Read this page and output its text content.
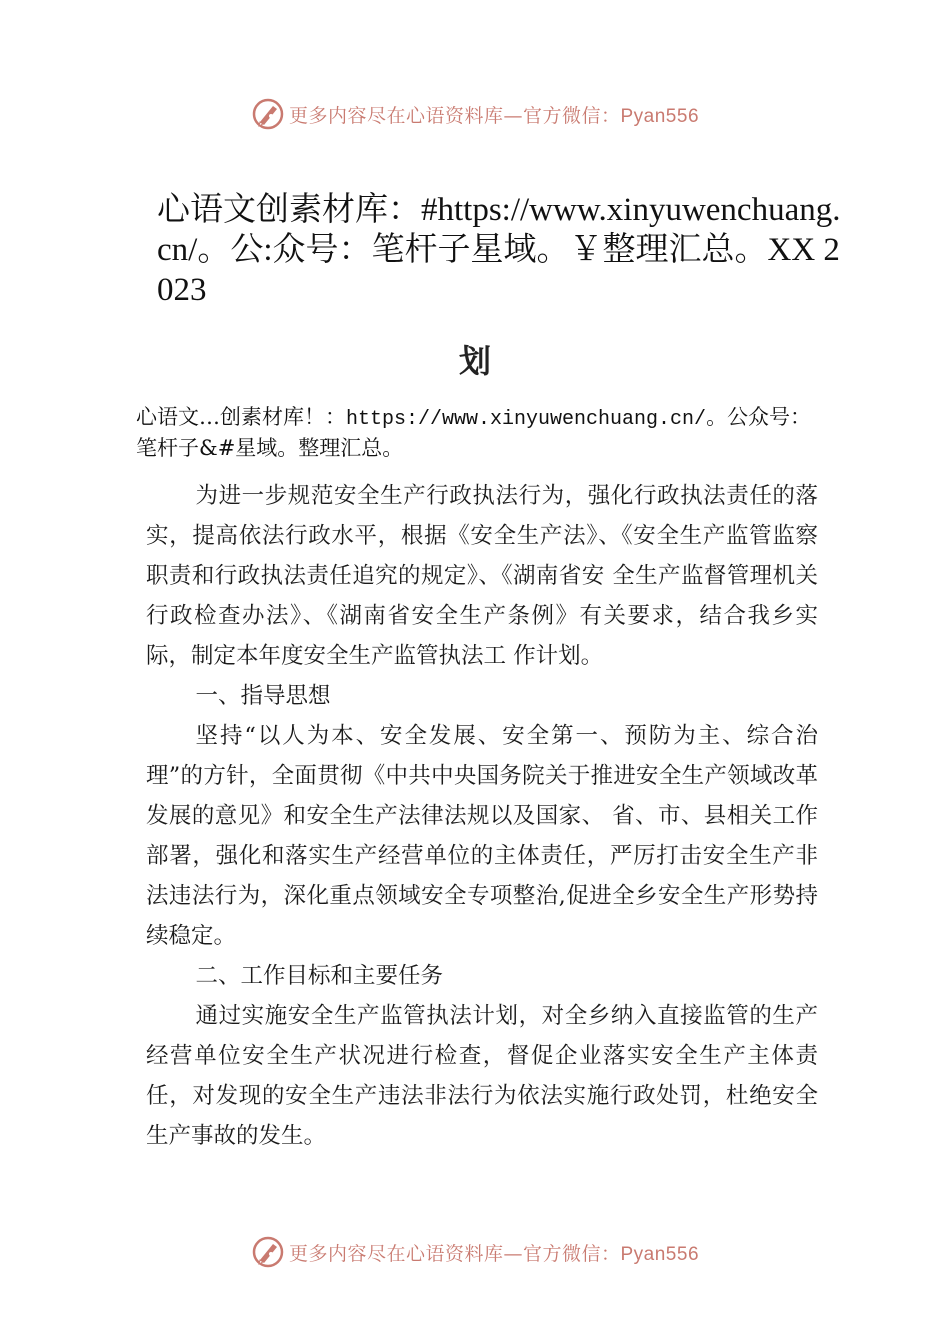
更多内容尽在心语资料库—官方微信：Pyan556
心语文创素材库：#https://www.xinyuwenchuang.cn/。公:众号：笔杆子星域。￥整理汇总。XX 2023
划
心语文…创素材库！：https://www.xinyuwenchuang.cn/。公众号：笔杆子&#星域。整理汇总。

为进一步规范安全生产行政执法行为，强化行政执法责任的落实，提高依法行政水平，根据《安全生产法》、《安全生产监管监察职责和行政执法责任追究的规定》、《湖南省安 全生产监督管理机关行政检查办法》、《湖南省安全生产条例》有关要求，结合我乡实际，制定本年度安全生产监管执法工 作计划。

一、指导思想

坚持“以人为本、安全发展、安全第一、预防为主、综合治理”的方针，全面贯彻《中共中央国务院关于推进安全生产领域改革发展的意见》和安全生产法律法规以及国家、 省、市、县相关工作部署，强化和落实生产经营单位的主体责任，严厉打击安全生产非法违法行为，深化重点领域安全专项整治,促进全乡安全生产形势持续稳定。

二、工作目标和主要任务

通过实施安全生产监管执法计划，对全乡纳入直接监管的生产经营单位安全生产状况进行检查，督促企业落实安全生产主体责任，对发现的安全生产违法非法行为依法实施行政处罚，杜绝安全生产事故的发生。

更多内容尽在心语资料库—官方微信：Pyan556
